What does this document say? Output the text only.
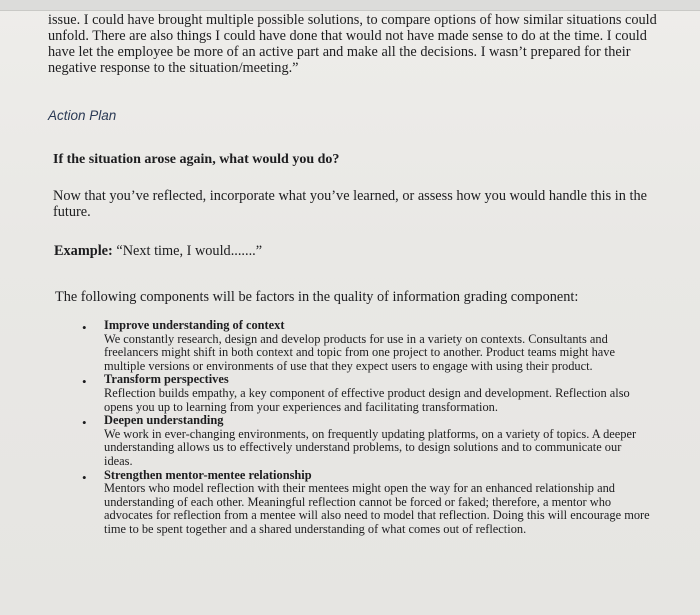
issue. I could have brought multiple possible solutions, to compare options of how similar situations could unfold. There are also things I could have done that would not have made sense to do at the time. I could have let the employee be more of an active part and make all the decisions. I wasn’t prepared for their negative response to the situation/meeting.”

Action Plan

If the situation arose again, what would you do?

Now that you’ve reflected, incorporate what you’ve learned, or assess how you would handle this in the future.

Example: “Next time, I would.......”

The following components will be factors in the quality of information grading component:

• Improve understanding of context
We constantly research, design and develop products for use in a variety on contexts. Consultants and freelancers might shift in both context and topic from one project to another. Product teams might have multiple versions or environments of use that they expect users to engage with using their product.
• Transform perspectives
Reflection builds empathy, a key component of effective product design and development. Reflection also opens you up to learning from your experiences and facilitating transformation.
• Deepen understanding
We work in ever-changing environments, on frequently updating platforms, on a variety of topics. A deeper understanding allows us to effectively understand problems, to design solutions and to communicate our ideas.
• Strengthen mentor-mentee relationship
Mentors who model reflection with their mentees might open the way for an enhanced relationship and understanding of each other. Meaningful reflection cannot be forced or faked; therefore, a mentor who advocates for reflection from a mentee will also need to model that reflection. Doing this will encourage more time to be spent together and a shared understanding of what comes out of reflection.
